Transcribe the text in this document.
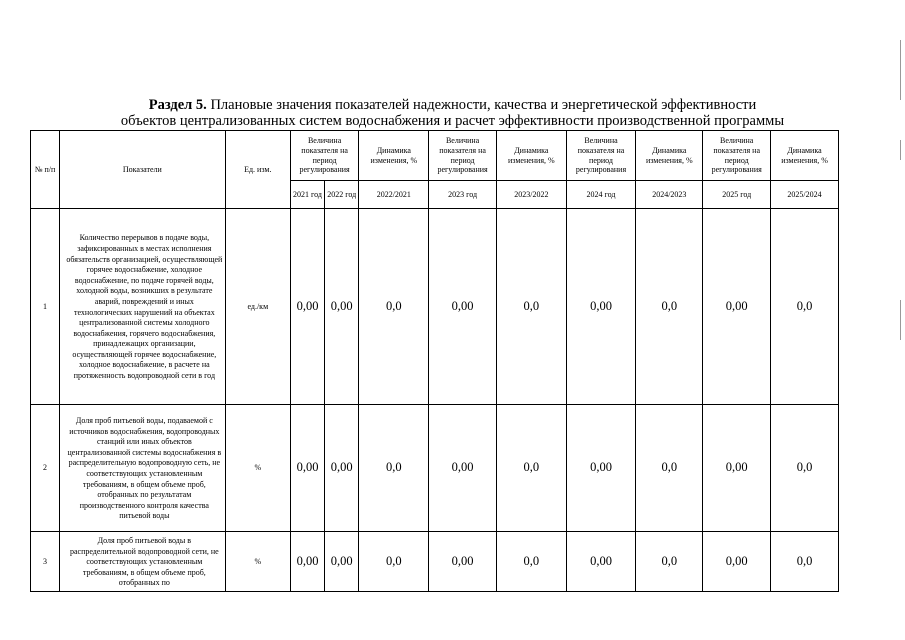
Раздел 5. Плановые значения показателей надежности, качества и энергетической эффективности
объектов централизованных систем водоснабжения и расчет эффективности производственной программы
№ п/п	Показатели	Ед. изм.	Величина показателя на период регулирования		Динамика изменения, %	Величина показателя на период регулирования	Динамика изменения, %	Величина показателя на период регулирования	Динамика изменения, %	Величина показателя на период регулирования	Динамика изменения, %
			2021 год	2022 год	2022/2021	2023 год	2023/2022	2024 год	2024/2023	2025 год	2025/2024
1	Количество перерывов в подаче воды, зафиксированных в местах исполнения обязательств организацией, осуществляющей горячее водоснабжение, холодное водоснабжение, по подаче горячей воды, холодной воды, возникших в результате аварий, повреждений и иных технологических нарушений на объектах централизованной системы холодного водоснабжения, горячего водоснабжения, принадлежащих организации, осуществляющей горячее водоснабжение, холодное водоснабжение, в расчете на протяженность водопроводной сети в год	ед./км	0,00	0,00	0,0	0,00	0,0	0,00	0,0	0,00	0,0
2	Доля проб питьевой воды, подаваемой с источников водоснабжения, водопроводных станций или иных объектов централизованной системы водоснабжения в распределительную водопроводную сеть, не соответствующих установленным требованиям, в общем объеме проб, отобранных по результатам производственного контроля качества питьевой воды	%	0,00	0,00	0,0	0,00	0,0	0,00	0,0	0,00	0,0
3	Доля проб питьевой воды в распределительной водопроводной сети, не соответствующих установленным требованиям, в общем объеме проб, отобранных по	%	0,00	0,00	0,0	0,00	0,0	0,00	0,0	0,00	0,0
